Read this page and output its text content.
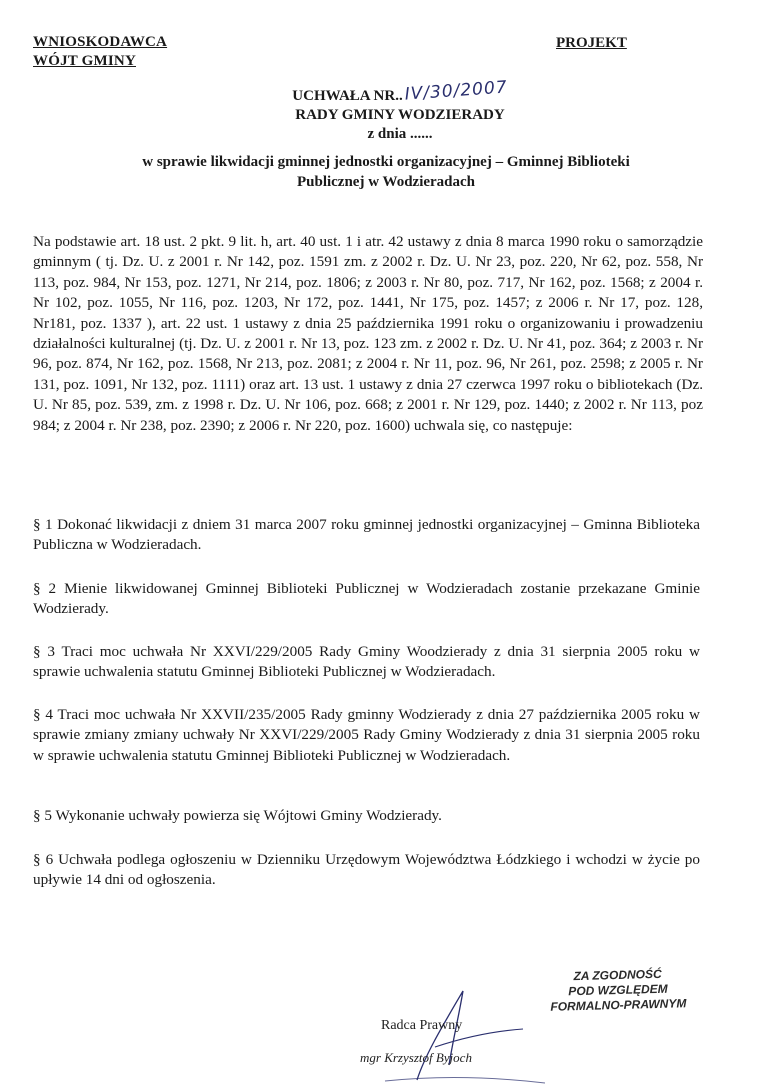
WNIOSKODAWCA
WÓJT GMINY
PROJEKT
UCHWAŁA NR..IV/30/2007
RADY GMINY WODZIERADY
z dnia ......
w sprawie likwidacji gminnej jednostki organizacyjnej – Gminnej Biblioteki
Publicznej w Wodzieradach
Na podstawie art. 18 ust. 2 pkt. 9 lit. h, art. 40 ust. 1 i atr. 42 ustawy z dnia 8 marca 1990 roku o samorządzie gminnym ( tj. Dz. U. z 2001 r. Nr 142, poz. 1591 zm. z 2002 r. Dz. U. Nr 23, poz. 220, Nr 62, poz. 558, Nr 113, poz. 984, Nr 153, poz. 1271, Nr 214, poz. 1806; z 2003 r. Nr 80, poz. 717, Nr 162, poz. 1568; z 2004 r. Nr 102, poz. 1055, Nr 116, poz. 1203, Nr 172, poz. 1441, Nr 175, poz. 1457; z 2006 r. Nr 17, poz. 128, Nr181, poz. 1337 ), art. 22 ust. 1 ustawy z dnia 25 października 1991 roku o organizowaniu i prowadzeniu działalności kulturalnej (tj. Dz. U. z 2001 r. Nr 13, poz. 123 zm. z 2002 r. Dz. U. Nr 41, poz. 364; z 2003 r. Nr 96, poz. 874, Nr 162, poz. 1568, Nr 213, poz. 2081; z 2004 r. Nr 11, poz. 96, Nr 261, poz. 2598; z 2005 r. Nr 131, poz. 1091, Nr 132, poz. 1111) oraz art. 13 ust. 1 ustawy z dnia 27 czerwca 1997 roku o bibliotekach (Dz. U. Nr 85, poz. 539, zm. z 1998 r. Dz. U. Nr 106, poz. 668; z 2001 r. Nr 129, poz. 1440; z 2002 r. Nr 113, poz 984; z 2004 r. Nr 238, poz. 2390; z 2006 r. Nr 220, poz. 1600) uchwala się, co następuje:
§ 1 Dokonać likwidacji z dniem 31 marca 2007 roku gminnej jednostki organizacyjnej – Gminna Biblioteka Publiczna w Wodzieradach.
§ 2 Mienie likwidowanej Gminnej Biblioteki Publicznej w Wodzieradach zostanie przekazane Gminie Wodzierady.
§ 3 Traci moc uchwała Nr XXVI/229/2005 Rady Gminy Woodzierady z dnia 31 sierpnia 2005 roku w sprawie uchwalenia statutu Gminnej Biblioteki Publicznej w Wodzieradach.
§ 4 Traci moc uchwała Nr XXVII/235/2005 Rady gminny Wodzierady z dnia 27 października 2005 roku w sprawie zmiany zmiany uchwały Nr XXVI/229/2005 Rady Gminy Wodzierady z dnia 31 sierpnia 2005 roku w sprawie uchwalenia statutu Gminnej Biblioteki Publicznej w Wodzieradach.
§ 5 Wykonanie uchwały powierza się Wójtowi Gminy Wodzierady.
§ 6 Uchwała podlega ogłoszeniu w Dzienniku Urzędowym Województwa Łódzkiego i wchodzi w życie po upływie 14 dni od ogłoszenia.
ZA ZGODNOŚĆ
POD WZGLĘDEM
FORMALNO-PRAWNYM
Radca Prawny
mgr Krzysztof Byjoch
